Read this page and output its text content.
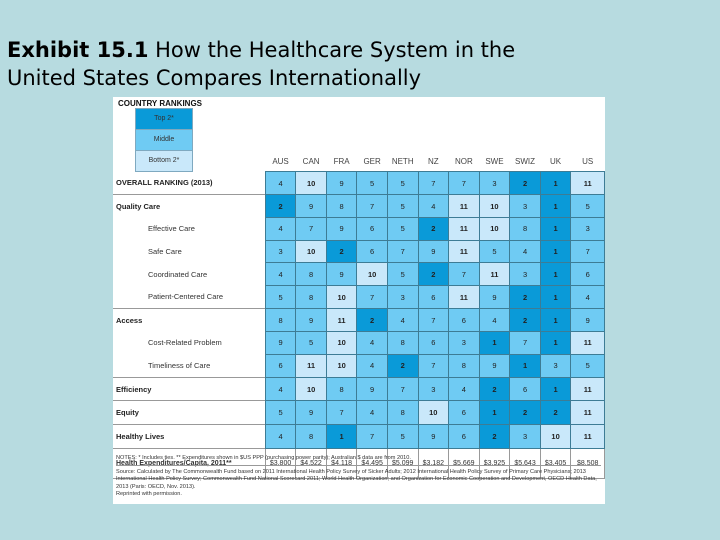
Exhibit 15.1 How the Healthcare System in the
United States Compares Internationally
COUNTRY RANKINGS
Top 2*
Middle
Bottom 2*
		AUS	CAN	FRA	GER	NETH	NZ	NOR	SWE	SWIZ	UK	US
OVERALL RANKING (2013)	4	10	9	5	5	7	7	3	2	1	11
Quality Care	2	9	8	7	5	4	11	10	3	1	5
Effective Care	4	7	9	6	5	2	11	10	8	1	3
Safe Care	3	10	2	6	7	9	11	5	4	1	7
Coordinated Care	4	8	9	10	5	2	7	11	3	1	6
Patient-Centered Care	5	8	10	7	3	6	11	9	2	1	4
Access	8	9	11	2	4	7	6	4	2	1	9
Cost-Related Problem	9	5	10	4	8	6	3	1	7	1	11
Timeliness of Care	6	11	10	4	2	7	8	9	1	3	5
Efficiency	4	10	8	9	7	3	4	2	6	1	11
Equity	5	9	7	4	8	10	6	1	2	2	11
Healthy Lives	4	8	1	7	5	9	6	2	3	10	11
Health Expenditures/Capita, 2011**	$3,800	$4,522	$4,118	$4,495	$5,099	$3,182	$5,669	$3,925	$5,643	$3,405	$8,508
NOTES: * Includes ties. ** Expenditures shown in $US PPP (purchasing power parity); Australian $ data are from 2010.
Source: Calculated by The Commonwealth Fund based on 2011 International Health Policy Survey of Sicker Adults; 2012 International Health Policy Survey of Primary Care Physicians; 2013 International Health Policy Survey; Commonwealth Fund National Scorecard 2011; World Health Organization; and Organization for Economic Cooperation and Development, OECD Health Data, 2013 (Paris: OECD, Nov. 2013).
Reprinted with permission.
